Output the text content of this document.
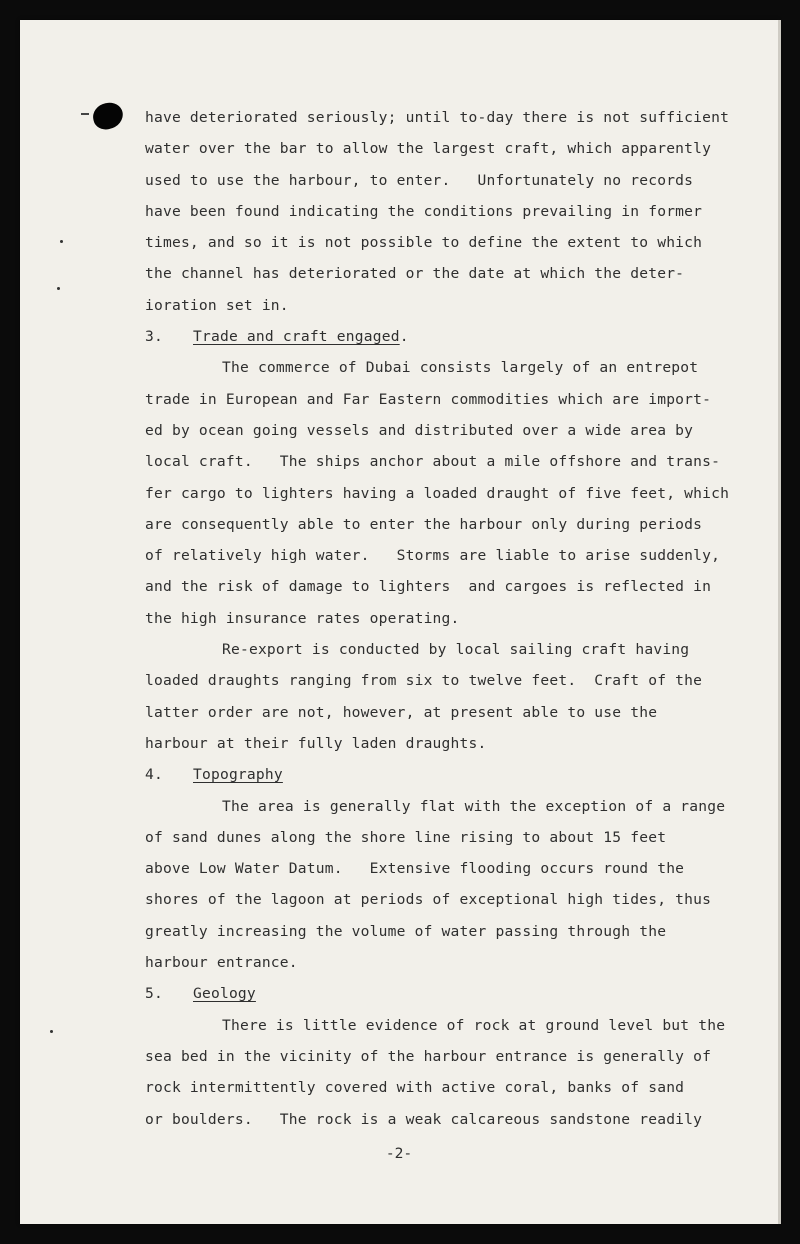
have deteriorated seriously; until to-day there is not sufficient
water over the bar to allow the largest craft, which apparently
used to use the harbour, to enter.   Unfortunately no records
have been found indicating the conditions prevailing in former
times, and so it is not possible to define the extent to which
the channel has deteriorated or the date at which the deter-
ioration set in.
3. Trade and craft engaged.
The commerce of Dubai consists largely of an entrepot
trade in European and Far Eastern commodities which are import-
ed by ocean going vessels and distributed over a wide area by
local craft.   The ships anchor about a mile offshore and trans-
fer cargo to lighters having a loaded draught of five feet, which
are consequently able to enter the harbour only during periods
of relatively high water.   Storms are liable to arise suddenly,
and the risk of damage to lighters  and cargoes is reflected in
the high insurance rates operating.
Re-export is conducted by local sailing craft having
loaded draughts ranging from six to twelve feet.  Craft of the
latter order are not, however, at present able to use the
harbour at their fully laden draughts.
4. Topography
The area is generally flat with the exception of a range
of sand dunes along the shore line rising to about 15 feet
above Low Water Datum.   Extensive flooding occurs round the
shores of the lagoon at periods of exceptional high tides, thus
greatly increasing the volume of water passing through the
harbour entrance.
5. Geology
There is little evidence of rock at ground level but the
sea bed in the vicinity of the harbour entrance is generally of
rock intermittently covered with active coral, banks of sand
or boulders.   The rock is a weak calcareous sandstone readily
-2-
